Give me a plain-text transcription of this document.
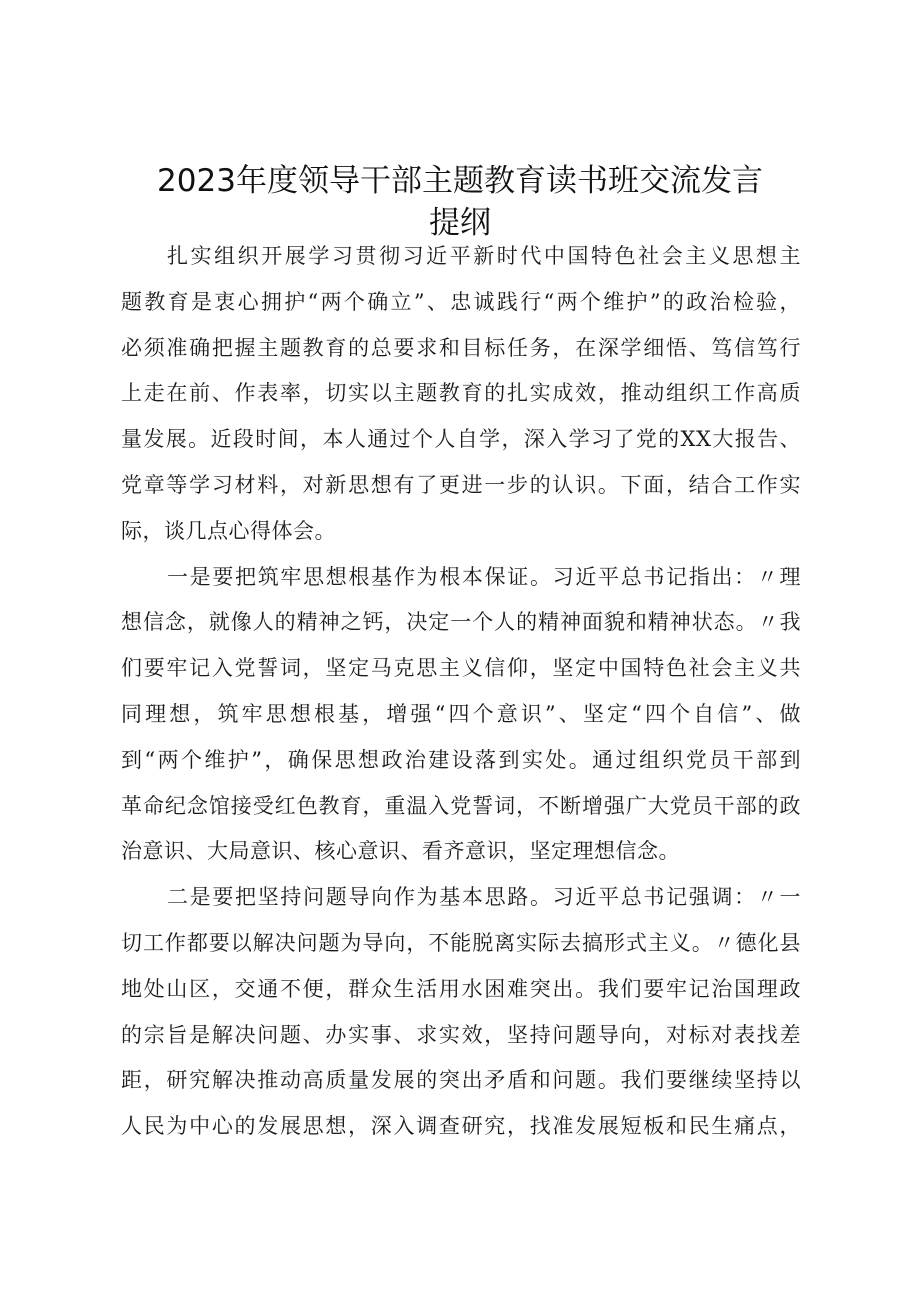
2023年度领导干部主题教育读书班交流发言
提纲
扎实组织开展学习贯彻习近平新时代中国特色社会主义思想主
题教育是衷心拥护“两个确立”、忠诚践行“两个维护”的政治检验，
必须准确把握主题教育的总要求和目标任务，在深学细悟、笃信笃行
上走在前、作表率，切实以主题教育的扎实成效，推动组织工作高质
量发展。近段时间，本人通过个人自学，深入学习了党的XX大报告、
党章等学习材料，对新思想有了更进一步的认识。下面，结合工作实
际，谈几点心得体会。
一是要把筑牢思想根基作为根本保证。习近平总书记指出：〃理
想信念，就像人的精神之钙，决定一个人的精神面貌和精神状态。〃我
们要牢记入党誓词，坚定马克思主义信仰，坚定中国特色社会主义共
同理想，筑牢思想根基，增强“四个意识”、坚定“四个自信”、做
到“两个维护”，确保思想政治建设落到实处。通过组织党员干部到
革命纪念馆接受红色教育，重温入党誓词，不断增强广大党员干部的政
治意识、大局意识、核心意识、看齐意识，坚定理想信念。
二是要把坚持问题导向作为基本思路。习近平总书记强调：〃一
切工作都要以解决问题为导向，不能脱离实际去搞形式主义。〃德化县
地处山区，交通不便，群众生活用水困难突出。我们要牢记治国理政
的宗旨是解决问题、办实事、求实效，坚持问题导向，对标对表找差
距，研究解决推动高质量发展的突出矛盾和问题。我们要继续坚持以
人民为中心的发展思想，深入调查研究，找准发展短板和民生痛点，
